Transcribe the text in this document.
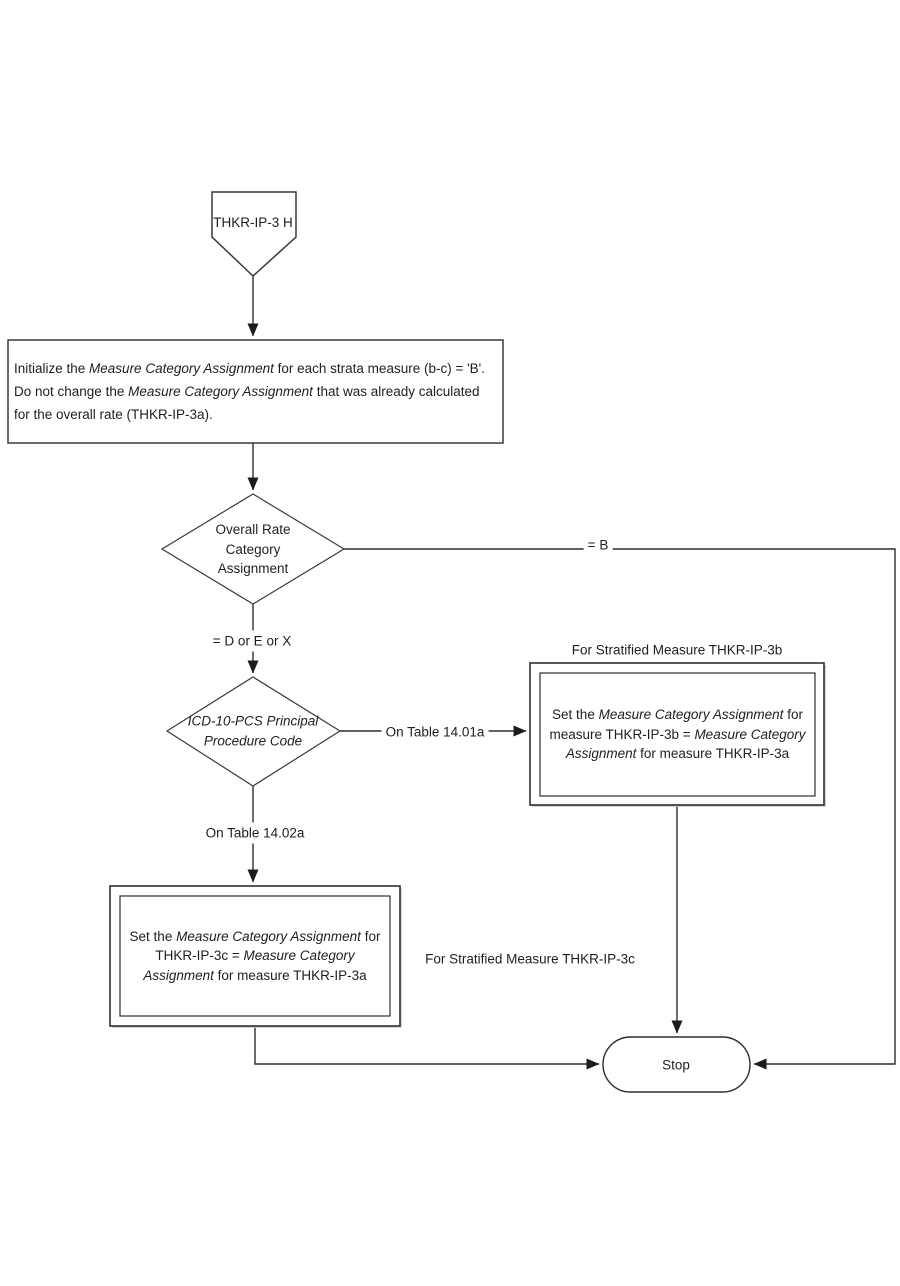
THKR-IP-3 H
Initialize the Measure Category Assignment for each strata measure (b-c) = 'B'. Do not change the Measure Category Assignment that was already calculated for the overall rate (THKR-IP-3a).
Overall Rate Category Assignment
= B
= D or E or X
ICD-10-PCS Principal Procedure Code
On Table 14.01a
On Table 14.02a
For Stratified Measure THKR-IP-3b
Set the Measure Category Assignment for measure THKR-IP-3b = Measure Category Assignment for measure THKR-IP-3a
Set the Measure Category Assignment for THKR-IP-3c = Measure Category Assignment for measure THKR-IP-3a
For Stratified Measure THKR-IP-3c
Stop
